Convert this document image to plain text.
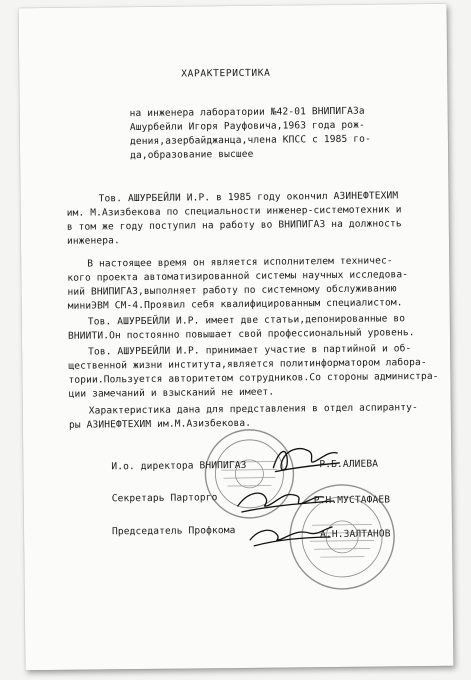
ХАРАКТЕРИСТИКА
на инженера лаборатории №42-01 ВНИПИГАЗа
Ашурбейли Игоря Рауфовича,1963 года рож-
дения,азербайджанца,члена КПСС с 1985 го-
да,образование высшее
Тов. АШУРБЕЙЛИ И.Р. в 1985 году окончил АЗИНЕФТЕХИМ
им. М.Азизбекова по специальности инженер-системотехник и
в том же году поступил на работу во ВНИПИГАЗ на должность
инженера.
В настоящее время он является исполнителем техничес-
кого проекта автоматизированной системы научных исследова-
ний ВНИПИГАЗ,выполняет работу по системному обслуживанию
миниЭВМ СМ-4.Проявил себя квалифицированным специалистом.
Тов. АШУРБЕЙЛИ И.Р. имеет две статьи,депонированные во
ВНИИТИ.Он постоянно повышает свой профессиональный уровень.
Тов. АШУРБЕЙЛИ И.Р. принимает участие в партийной и об-
щественной жизни института,является политинформатором лабора-
тории.Пользуется авторитетом сотрудников.Со стороны администра-
ции замечаний и взысканий не имеет.
Характеристика дана для представления в отдел аспиранту-
ры АЗИНЕФТЕХИМ им.М.Азизбекова.
И.о. директора ВНИПИГАЗ	Р.Б.АЛИЕВА
Секретарь Парторго	Р.Н.МУСТАФАЕВ
Председатель Профкома	А.Н.ЗАЛТАНОВ
